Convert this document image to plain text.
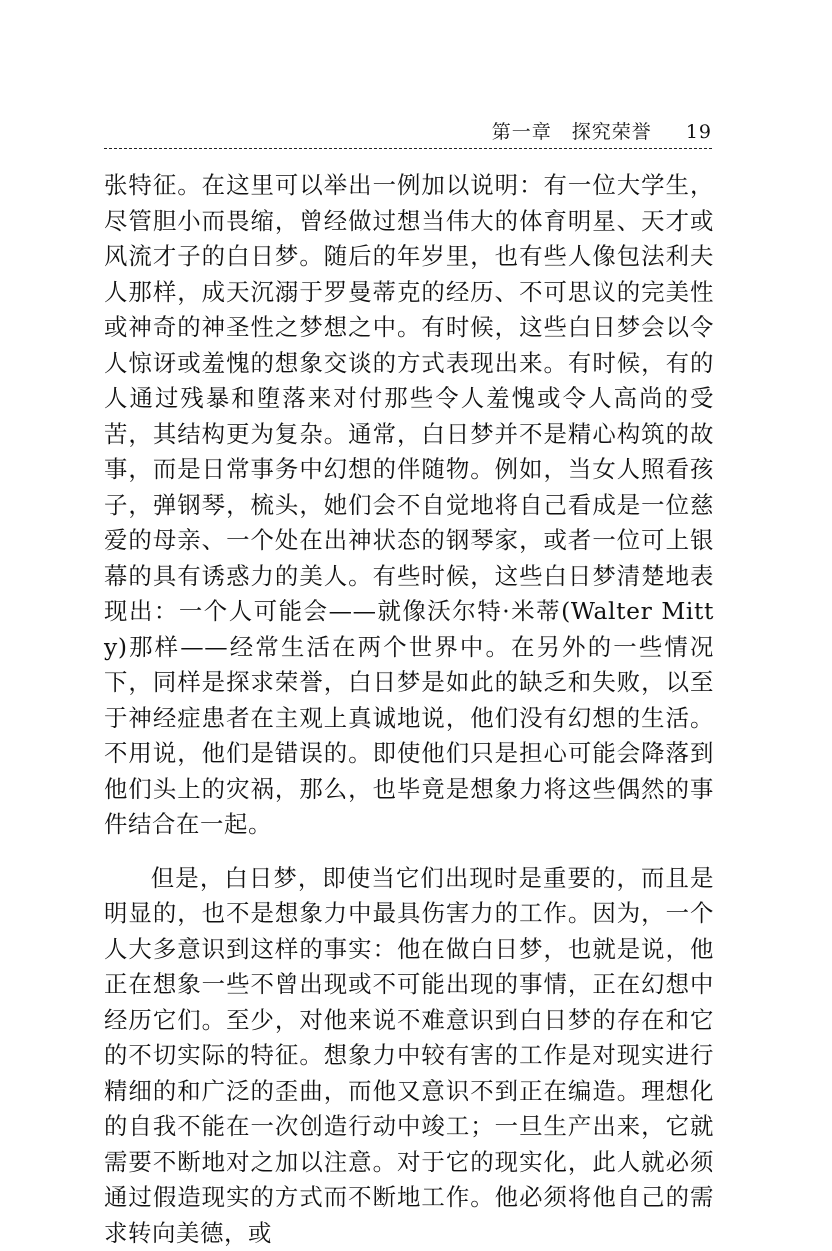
第一章　探究荣誉 　 19

张特征。在这里可以举出一例加以说明：有一位大学生，尽管胆小而畏缩，曾经做过想当伟大的体育明星、天才或风流才子的白日梦。随后的年岁里，也有些人像包法利夫人那样，成天沉溺于罗曼蒂克的经历、不可思议的完美性或神奇的神圣性之梦想之中。有时候，这些白日梦会以令人惊讶或羞愧的想象交谈的方式表现出来。有时候，有的人通过残暴和堕落来对付那些令人羞愧或令人高尚的受苦，其结构更为复杂。通常，白日梦并不是精心构筑的故事，而是日常事务中幻想的伴随物。例如，当女人照看孩子，弹钢琴，梳头，她们会不自觉地将自己看成是一位慈爱的母亲、一个处在出神状态的钢琴家，或者一位可上银幕的具有诱惑力的美人。有些时候，这些白日梦清楚地表现出：一个人可能会——就像沃尔特·米蒂(Walter Mitty)那样——经常生活在两个世界中。在另外的一些情况下，同样是探求荣誉，白日梦是如此的缺乏和失败，以至于神经症患者在主观上真诚地说，他们没有幻想的生活。不用说，他们是错误的。即使他们只是担心可能会降落到他们头上的灾祸，那么，也毕竟是想象力将这些偶然的事件结合在一起。

但是，白日梦，即使当它们出现时是重要的，而且是明显的，也不是想象力中最具伤害力的工作。因为，一个人大多意识到这样的事实：他在做白日梦，也就是说，他正在想象一些不曾出现或不可能出现的事情，正在幻想中经历它们。至少，对他来说不难意识到白日梦的存在和它的不切实际的特征。想象力中较有害的工作是对现实进行精细的和广泛的歪曲，而他又意识不到正在编造。理想化的自我不能在一次创造行动中竣工；一旦生产出来，它就需要不断地对之加以注意。对于它的现实化，此人就必须通过假造现实的方式而不断地工作。他必须将他自己的需求转向美德，或
